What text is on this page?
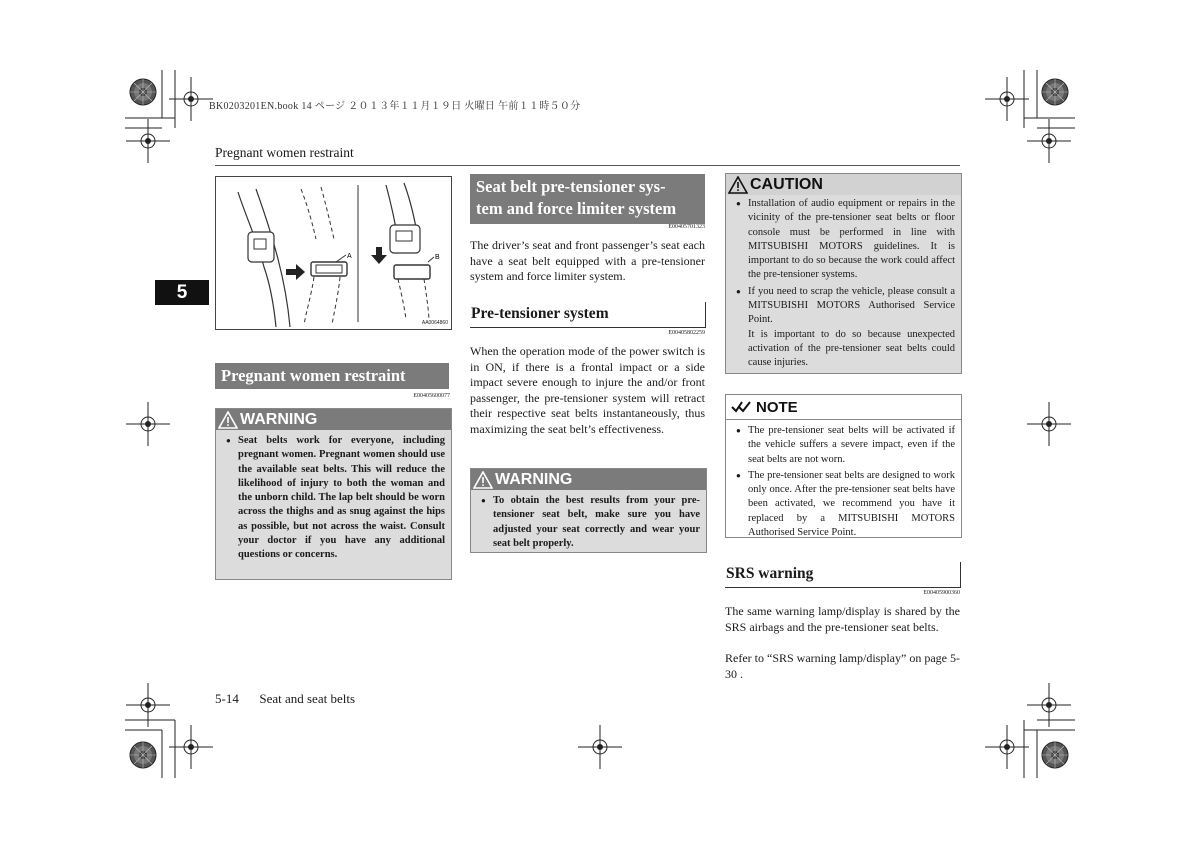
BK0203201EN.book 14 ページ ２０１３年１１月１９日 火曜日 午前１１時５０分
Pregnant women restraint
5
A	B
AA0064860
Pregnant women restraint
E00405600077
WARNING
● Seat belts work for everyone, including pregnant women. Pregnant women should use the available seat belts. This will reduce the likelihood of injury to both the woman and the unborn child. The lap belt should be worn across the thighs and as snug against the hips as possible, but not across the waist. Consult your doctor if you have any additional questions or concerns.
Seat belt pre-tensioner sys-
tem and force limiter system
E00405701323
The driver’s seat and front passenger’s seat each have a seat belt equipped with a pre-tensioner system and force limiter system.
Pre-tensioner system
E00405802259
When the operation mode of the power switch is in ON, if there is a frontal impact or a side impact severe enough to injure the and/or front passenger, the pre-tensioner system will retract their respective seat belts instantaneously, thus maximizing the seat belt’s effectiveness.
WARNING
● To obtain the best results from your pre-tensioner seat belt, make sure you have adjusted your seat correctly and wear your seat belt properly.
CAUTION
● Installation of audio equipment or repairs in the vicinity of the pre-tensioner seat belts or floor console must be performed in line with MITSUBISHI MOTORS guidelines. It is important to do so because the work could affect the pre-tensioner systems.
● If you need to scrap the vehicle, please consult a MITSUBISHI MOTORS Authorised Service Point.
It is important to do so because unexpected activation of the pre-tensioner seat belts could cause injuries.
NOTE
● The pre-tensioner seat belts will be activated if the vehicle suffers a severe impact, even if the seat belts are not worn.
● The pre-tensioner seat belts are designed to work only once. After the pre-tensioner seat belts have been activated, we recommend you have it replaced by a MITSUBISHI MOTORS Authorised Service Point.
SRS warning
E00405900360
The same warning lamp/display is shared by the SRS airbags and the pre-tensioner seat belts.
Refer to “SRS warning lamp/display” on page 5-30 .
5-14 Seat and seat belts
